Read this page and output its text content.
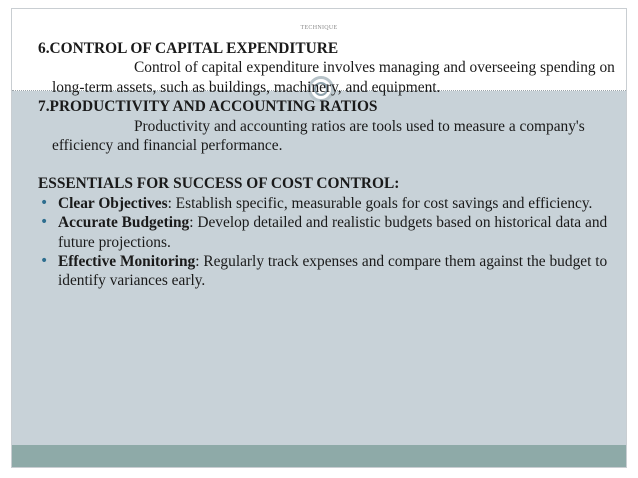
TECHNIQUE

6.CONTROL OF CAPITAL EXPENDITURE

Control of capital expenditure involves managing and overseeing spending on long-term assets, such as buildings, machinery, and equipment.

7.PRODUCTIVITY AND ACCOUNTING RATIOS

Productivity and accounting ratios are tools used to measure a company's efficiency and financial performance.

ESSENTIALS FOR SUCCESS OF COST CONTROL:

• Clear Objectives: Establish specific, measurable goals for cost savings and efficiency.

• Accurate Budgeting: Develop detailed and realistic budgets based on historical data and future projections.

• Effective Monitoring: Regularly track expenses and compare them against the budget to identify variances early.
